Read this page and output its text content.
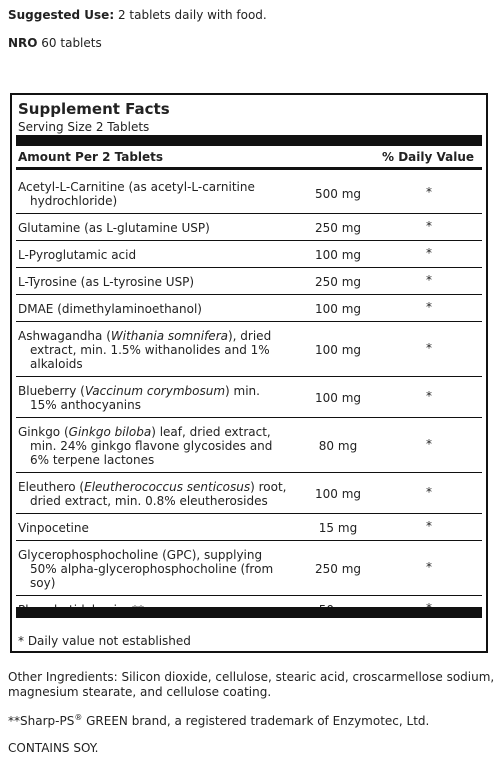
Suggested Use: 2 tablets daily with food.
NRO 60 tablets
Supplement Facts
Serving Size 2 Tablets
Amount Per 2 Tablets	% Daily Value
Acetyl-L-Carnitine (as acetyl-L-carnitine
hydrochloride)	500 mg	*
Glutamine (as L-glutamine USP)	250 mg	*
L-Pyroglutamic acid	100 mg	*
L-Tyrosine (as L-tyrosine USP)	250 mg	*
DMAE (dimethylaminoethanol)	100 mg	*
Ashwagandha (Withania somnifera), dried
extract, min. 1.5% withanolides and 1%
alkaloids
100 mg	*
Blueberry (Vaccinum corymbosum) min.
15% anthocyanins	100 mg	*
Ginkgo (Ginkgo biloba) leaf, dried extract,
min. 24% ginkgo flavone glycosides and
6% terpene lactones
80 mg	*
Eleuthero (Eleutherococcus senticosus) root,
dried extract, min. 0.8% eleutherosides	100 mg	*
Vinpocetine	15 mg	*
Glycerophosphocholine (GPC), supplying
50% alpha-glycerophosphocholine (from
soy)
250 mg	*
* Daily value not established
Other Ingredients: Silicon dioxide, cellulose, stearic acid, croscarmellose sodium,
magnesium stearate, and cellulose coating.
**Sharp-PS® GREEN brand, a registered trademark of Enzymotec, Ltd.
CONTAINS SOY.
